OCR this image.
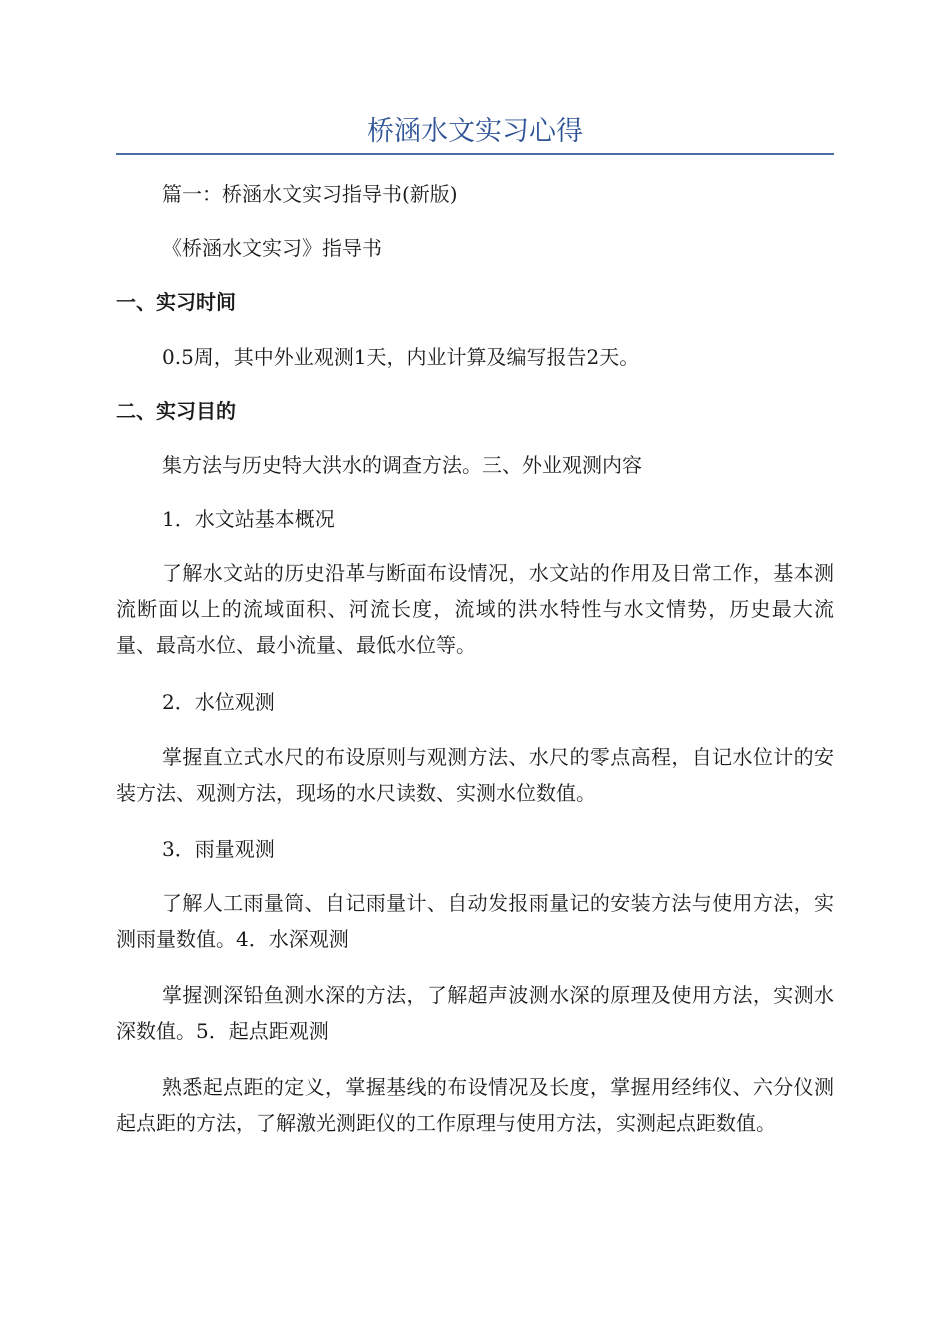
桥涵水文实习心得

篇一：桥涵水文实习指导书(新版)

《桥涵水文实习》指导书

一、实习时间

0.5周，其中外业观测1天，内业计算及编写报告2天。

二、实习目的

集方法与历史特大洪水的调查方法。三、外业观测内容

1．水文站基本概况

了解水文站的历史沿革与断面布设情况，水文站的作用及日常工作，基本测流断面以上的流域面积、河流长度，流域的洪水特性与水文情势，历史最大流量、最高水位、最小流量、最低水位等。

2．水位观测

掌握直立式水尺的布设原则与观测方法、水尺的零点高程，自记水位计的安装方法、观测方法，现场的水尺读数、实测水位数值。

3．雨量观测

了解人工雨量筒、自记雨量计、自动发报雨量记的安装方法与使用方法，实测雨量数值。4．水深观测

掌握测深铅鱼测水深的方法，了解超声波测水深的原理及使用方法，实测水深数值。5．起点距观测

熟悉起点距的定义，掌握基线的布设情况及长度，掌握用经纬仪、六分仪测起点距的方法，了解激光测距仪的工作原理与使用方法，实测起点距数值。
